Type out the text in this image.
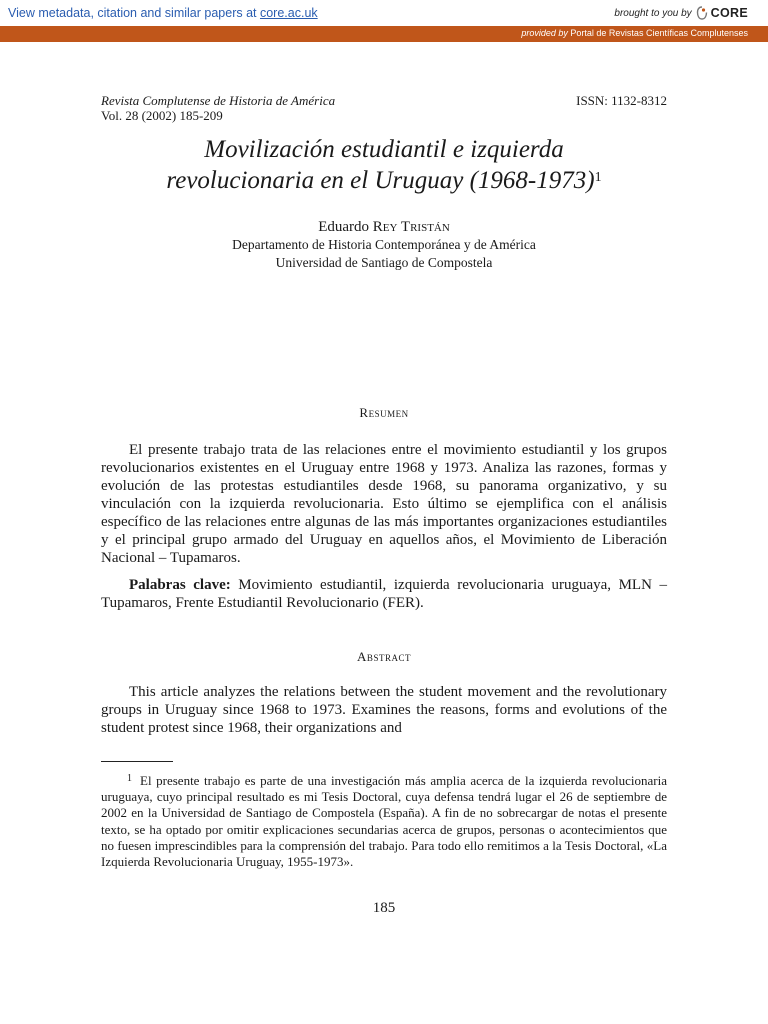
View metadata, citation and similar papers at core.ac.uk	brought to you by CORE
provided by Portal de Revistas Científicas Complutenses
Revista Complutense de Historia de América
Vol. 28 (2002) 185-209
ISSN: 1132-8312
Movilización estudiantil e izquierda
revolucionaria en el Uruguay (1968-1973)$^1$
Eduardo Rey Tristán
Departamento de Historia Contemporánea y de América
Universidad de Santiago de Compostela
Resumen
El presente trabajo trata de las relaciones entre el movimiento estudiantil y los grupos revolucionarios existentes en el Uruguay entre 1968 y 1973. Analiza las razones, formas y evolución de las protestas estudiantiles desde 1968, su panorama organizativo, y su vinculación con la izquierda revolucionaria. Esto último se ejemplifica con el análisis específico de las relaciones entre algunas de las más importantes organizaciones estudiantiles y el principal grupo armado del Uruguay en aquellos años, el Movimiento de Liberación Nacional – Tupamaros.
Palabras clave: Movimiento estudiantil, izquierda revolucionaria uruguaya, MLN – Tupamaros, Frente Estudiantil Revolucionario (FER).
Abstract
This article analyzes the relations between the student movement and the revolutionary groups in Uruguay since 1968 to 1973. Examines the reasons, forms and evolutions of the student protest since 1968, their organizations and
$^1$ El presente trabajo es parte de una investigación más amplia acerca de la izquierda revolucionaria uruguaya, cuyo principal resultado es mi Tesis Doctoral, cuya defensa tendrá lugar el 26 de septiembre de 2002 en la Universidad de Santiago de Compostela (España). A fin de no sobrecargar de notas el presente texto, se ha optado por omitir explicaciones secundarias acerca de grupos, personas o acontecimientos que no fuesen imprescindibles para la comprensión del trabajo. Para todo ello remitimos a la Tesis Doctoral, «La Izquierda Revolucionaria Uruguay, 1955-1973».
185
